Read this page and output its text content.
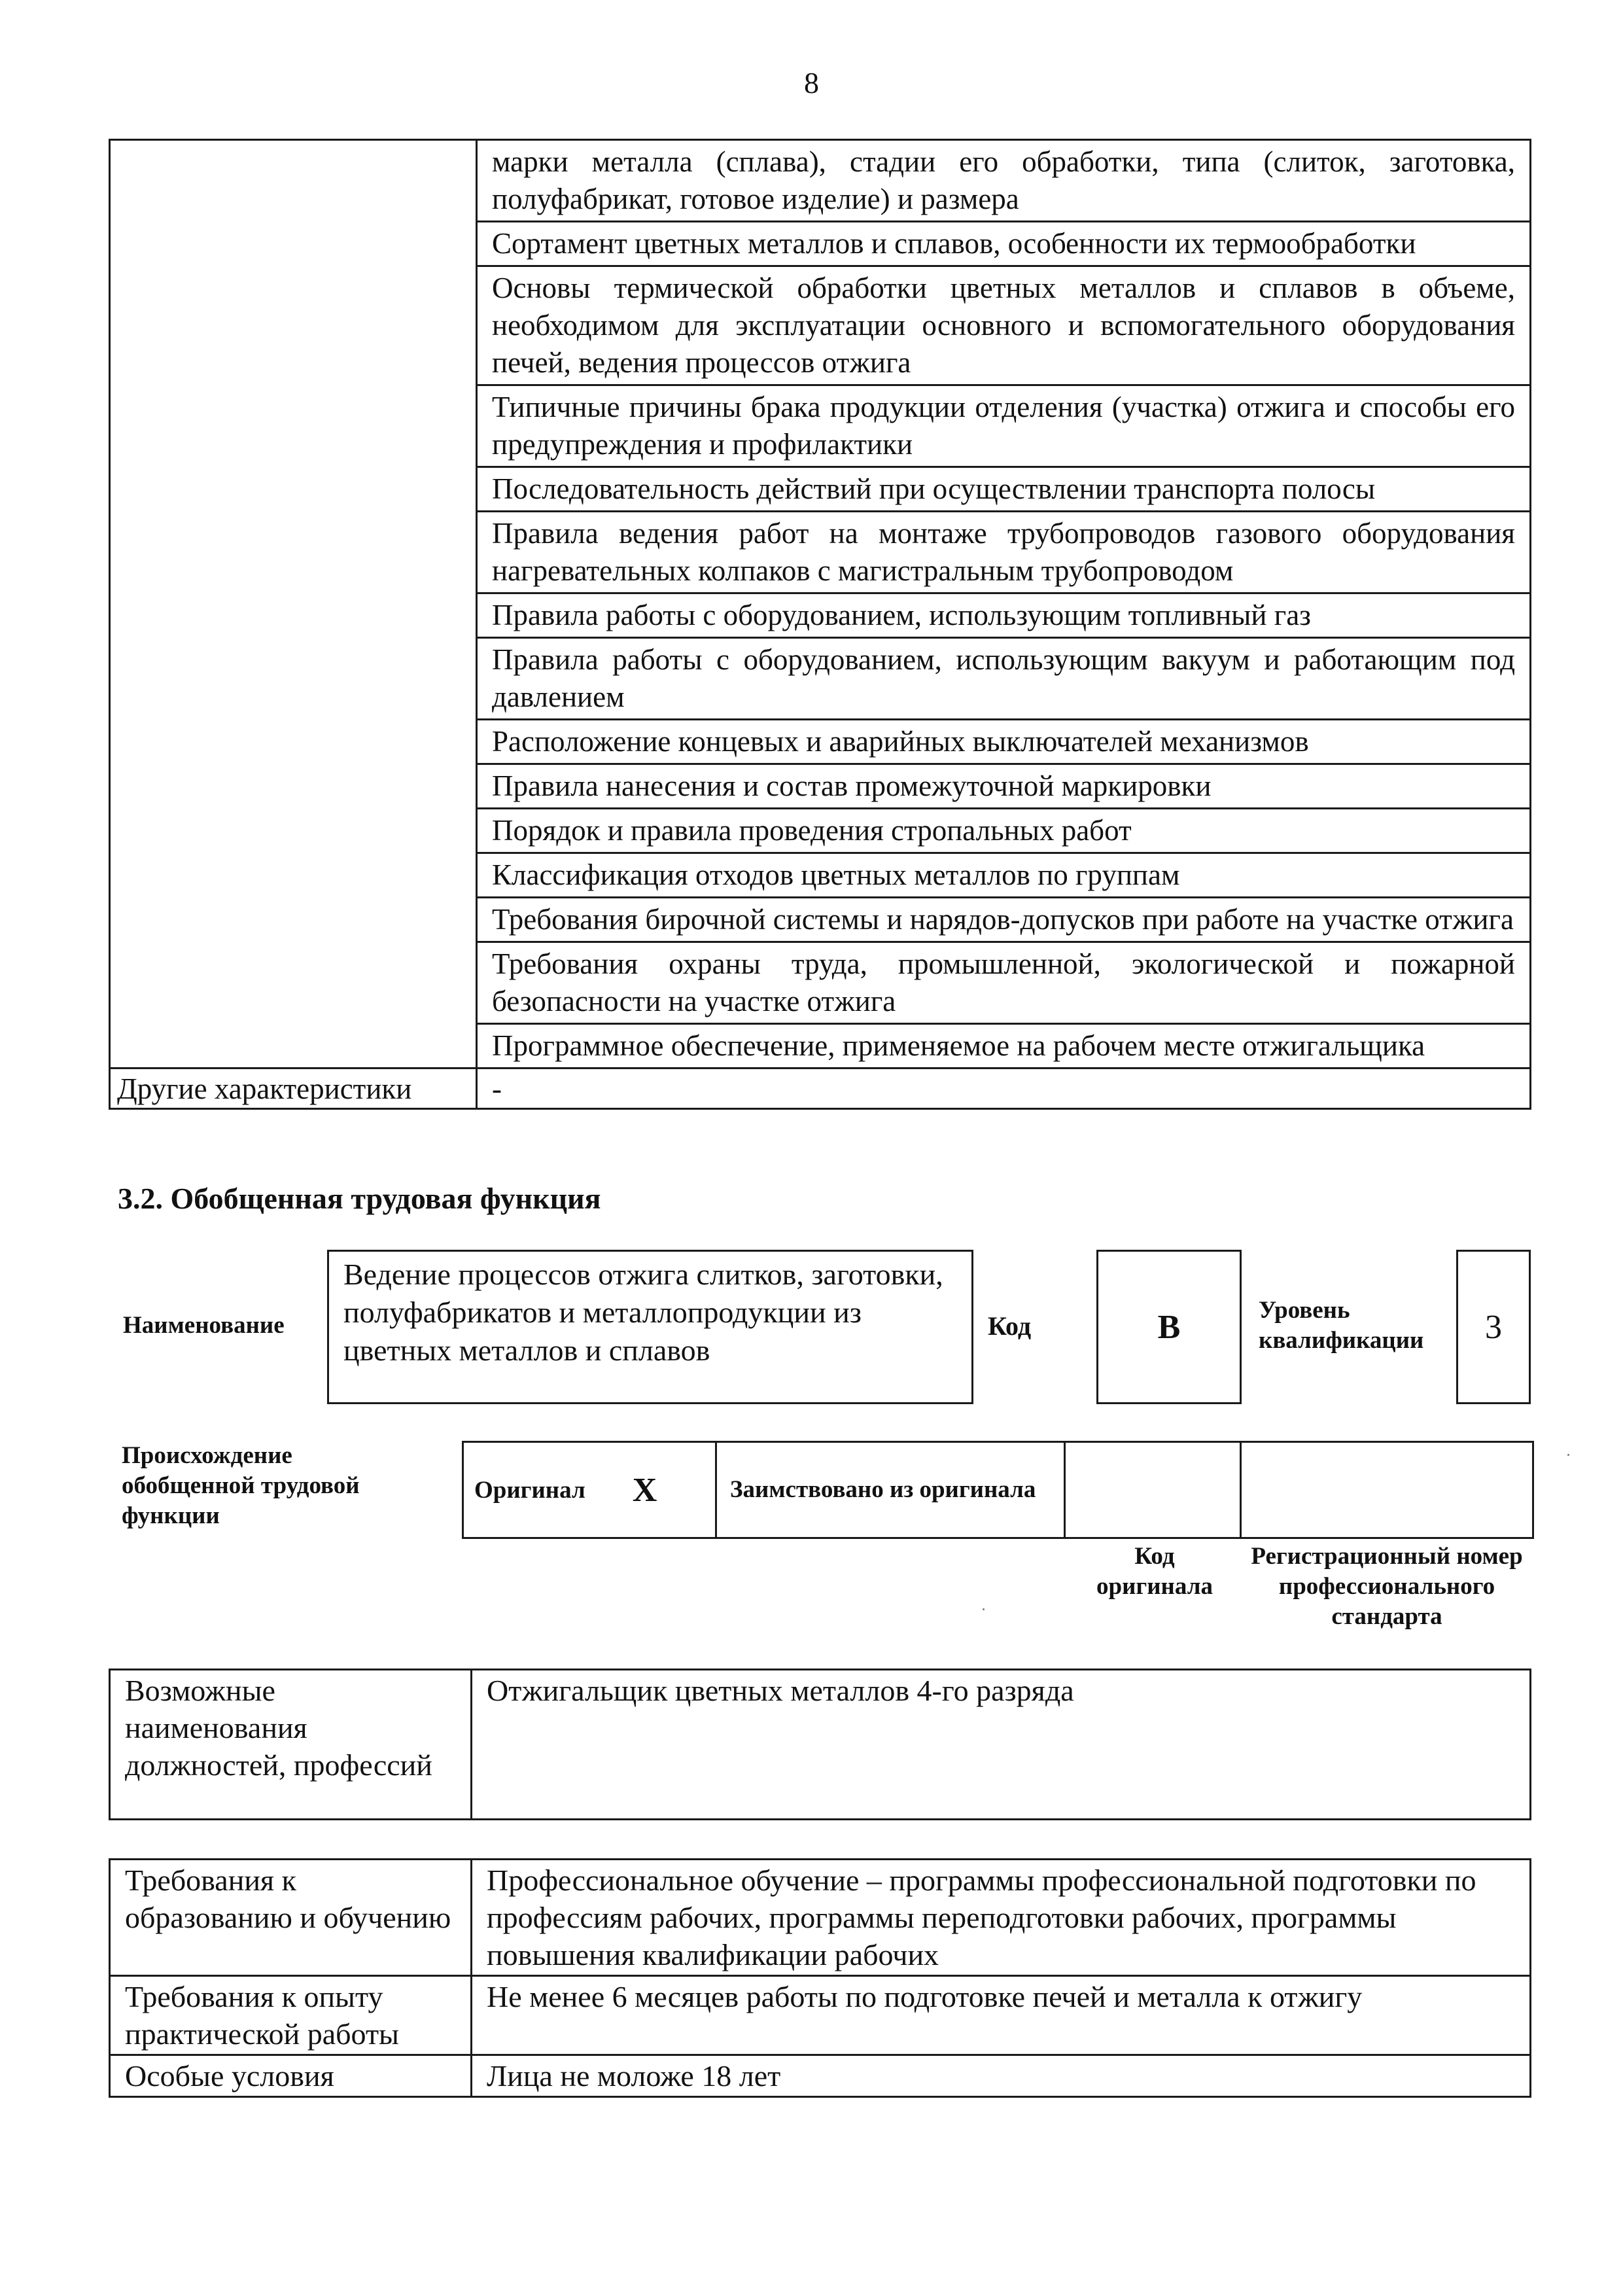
8
	марки металла (сплава), стадии его обработки, типа (слиток, заготовка, полуфабрикат, готовое изделие) и размера
	Сортамент цветных металлов и сплавов, особенности их термообработки
	Основы термической обработки цветных металлов и сплавов в объеме, необходимом для эксплуатации основного и вспомогательного оборудования печей, ведения процессов отжига
	Типичные причины брака продукции отделения (участка) отжига и способы его предупреждения и профилактики
	Последовательность действий при осуществлении транспорта полосы
	Правила ведения работ на монтаже трубопроводов газового оборудования нагревательных колпаков с магистральным трубопроводом
	Правила работы с оборудованием, использующим топливный газ
	Правила работы с оборудованием, использующим вакуум и работающим под давлением
	Расположение концевых и аварийных выключателей механизмов
	Правила нанесения и состав промежуточной маркировки
	Порядок и правила проведения стропальных работ
	Классификация отходов цветных металлов по группам
	Требования бирочной системы и нарядов-допусков при работе на участке отжига
	Требования охраны труда, промышленной, экологической и пожарной безопасности на участке отжига
	Программное обеспечение, применяемое на рабочем месте отжигальщика
Другие характеристики	-
3.2. Обобщенная трудовая функция
Наименование
Ведение процессов отжига слитков, заготовки, полуфабрикатов и металлопродукции из цветных металлов и сплавов
Код	В	Уровень квалификации	3
Происхождение обобщенной трудовой функции
Оригинал X	Заимствовано из оригинала

Код оригинала
Регистрационный номер профессионального стандарта
Возможные наименования должностей, профессий	Отжигальщик цветных металлов 4-го разряда
Требования к образованию и обучению	Профессиональное обучение – программы профессиональной подготовки по профессиям рабочих, программы переподготовки рабочих, программы повышения квалификации рабочих
Требования к опыту практической работы	Не менее 6 месяцев работы по подготовке печей и металла к отжигу
Особые условия	Лица не моложе 18 лет
